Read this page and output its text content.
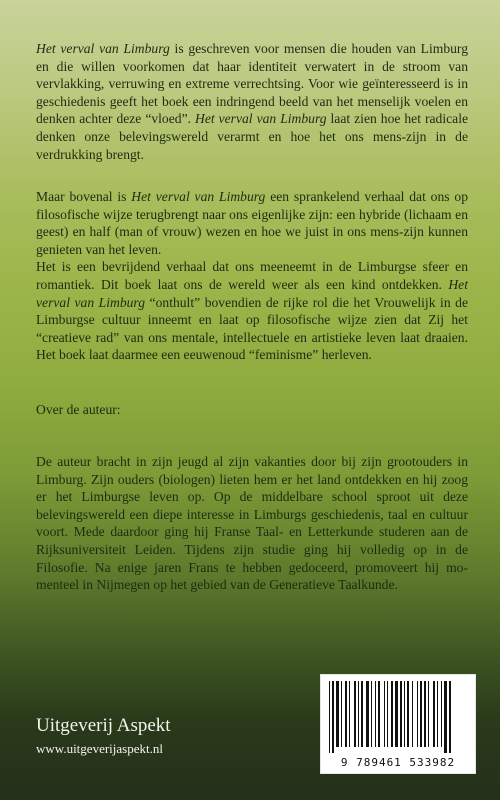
Het verval van Limburg is geschreven voor mensen die houden van Limburg en die willen voorkomen dat haar identiteit verwatert in de stroom van vervlakking, verruwing en extreme verrechtsing. Voor wie geïnteresseerd is in geschiedenis geeft het boek een indringend beeld van het menselijk voelen en denken achter deze “vloed”. Het verval van Limburg laat zien hoe het radicale denken onze belevingswereld verarmt en hoe het ons mens-zijn in de verdrukking brengt.

Maar bovenal is Het verval van Limburg een sprankelend verhaal dat ons op filosofische wijze terugbrengt naar ons eigenlijke zijn: een hybride (lichaam en geest) en half (man of vrouw) wezen en hoe we juist in ons mens-zijn kunnen genieten van het leven.

Het is een bevrijdend verhaal dat ons meeneemt in de Limburgse sfeer en romantiek. Dit boek laat ons de wereld weer als een kind ontdekken. Het verval van Limburg “onthult” bovendien de rijke rol die het Vrouwelijk in de Limburgse cultuur inneemt en laat op filosofische wijze zien dat Zij het “creatieve rad” van ons mentale, intellectuele en artistieke leven laat draaien. Het boek laat daarmee een eeuwenoud “feminisme” herleven.

Over de auteur:

De auteur bracht in zijn jeugd al zijn vakanties door bij zijn grootouders in Limburg. Zijn ouders (biologen) lieten hem er het land ontdekken en hij zoog er het Limburgse leven op. Op de middelbare school sproot uit deze belevingswereld een diepe interesse in Limburgs geschiedenis, taal en cultuur voort. Mede daardoor ging hij Franse Taal- en Letterkunde studeren aan de Rijksuniversiteit Leiden. Tijdens zijn studie ging hij volledig op in de Filosofie. Na enige jaren Frans te hebben gedoceerd, promoveert hij momenteel in Nijmegen op het gebied van de Generatieve Taalkunde.

Uitgeverij Aspekt
www.uitgeverijaspekt.nl
9 789461 533982
